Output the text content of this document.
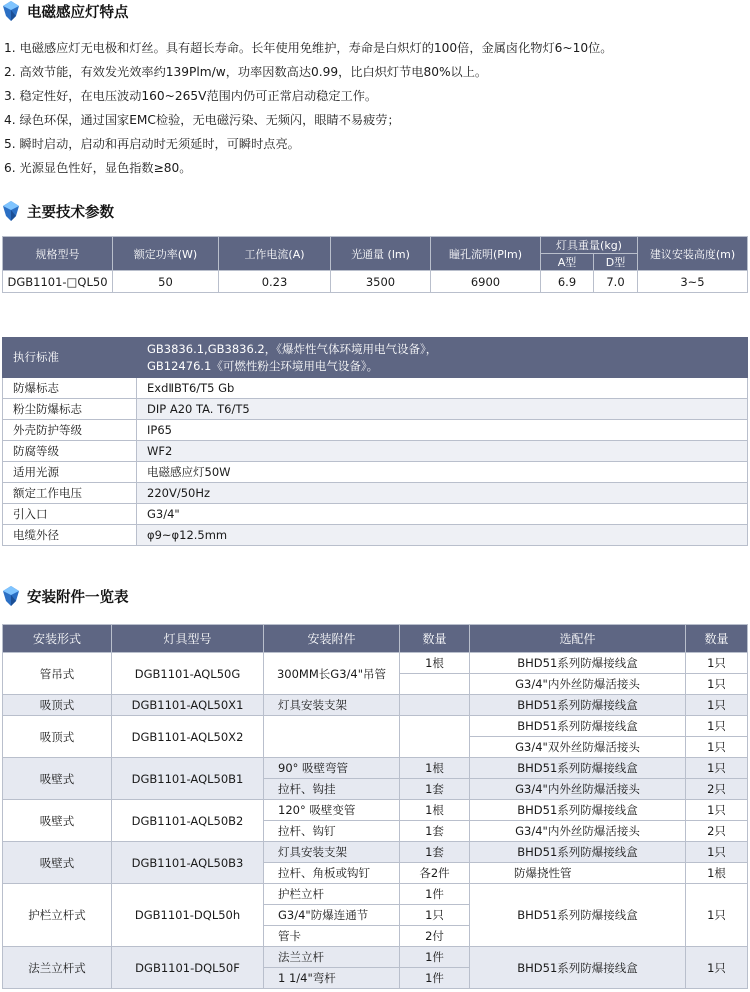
电磁感应灯特点
1. 电磁感应灯无电极和灯丝。具有超长寿命。长年使用免维护，寿命是白炽灯的100倍，金属卤化物灯6~10位。
2. 高效节能，有效发光效率约139Plm/w，功率因数高达0.99，比白炽灯节电80%以上。
3. 稳定性好，在电压波动160~265V范围内仍可正常启动稳定工作。
4. 绿色环保，通过国家EMC检验，无电磁污染、无频闪，眼睛不易疲劳；
5. 瞬时启动，启动和再启动时无须延时，可瞬时点亮。
6. 光源显色性好，显色指数≥80。
主要技术参数
规格型号	额定功率(W)	工作电流(A)	光通量 (lm)	瞳孔流明(Plm)	灯具重量(kg)		建议安装高度(m)
					A型	D型	
DGB1101-□QL50	50	0.23	3500	6900	6.9	7.0	3~5
执行标准	GB3836.1,GB3836.2，《爆炸性气体环境用电气设备》，
GB12476.1《可燃性粉尘环境用电气设备》。

防爆标志	ExdⅡBT6/T5 Gb
粉尘防爆标志	DIP A20 TA. T6/T5
外壳防护等级	IP65
防腐等级	WF2
适用光源	电磁感应灯50W
额定工作电压	220V/50Hz
引入口	G3/4"
电缆外径	φ9~φ12.5mm
安装附件一览表
安装形式	灯具型号	安装附件	数量	选配件	数量
管吊式	DGB1101-AQL50G	300MM长G3/4"吊管	1根	BHD51系列防爆接线盒	1只
				G3/4"内外丝防爆活接头	1只
吸顶式	DGB1101-AQL50X1	灯具安装支架		BHD51系列防爆接线盒	1只
吸顶式	DGB1101-AQL50X2			BHD51系列防爆接线盒	1只
				G3/4"双外丝防爆活接头	1只
吸壁式	DGB1101-AQL50B1	90° 吸壁弯管	1根	BHD51系列防爆接线盒	1只
		拉杆、钩挂	1套	G3/4"内外丝防爆活接头	2只
吸壁式	DGB1101-AQL50B2	120° 吸壁变管	1根	BHD51系列防爆接线盒	1只
		拉杆、钩钉	1套	G3/4"内外丝防爆活接头	2只
吸壁式	DGB1101-AQL50B3	灯具安装支架	1套	BHD51系列防爆接线盒	1只
		拉杆、角板或钩钉	各2件	防爆挠性管	1根
护栏立杆式	DGB1101-DQL50h	护栏立杆	1件	BHD51系列防爆接线盒	1只
		G3/4"防爆连通节	1只		
		管卡	2付		
法兰立杆式	DGB1101-DQL50F	法兰立杆	1件	BHD51系列防爆接线盒	1只
		1 1/4"弯杆	1件		
